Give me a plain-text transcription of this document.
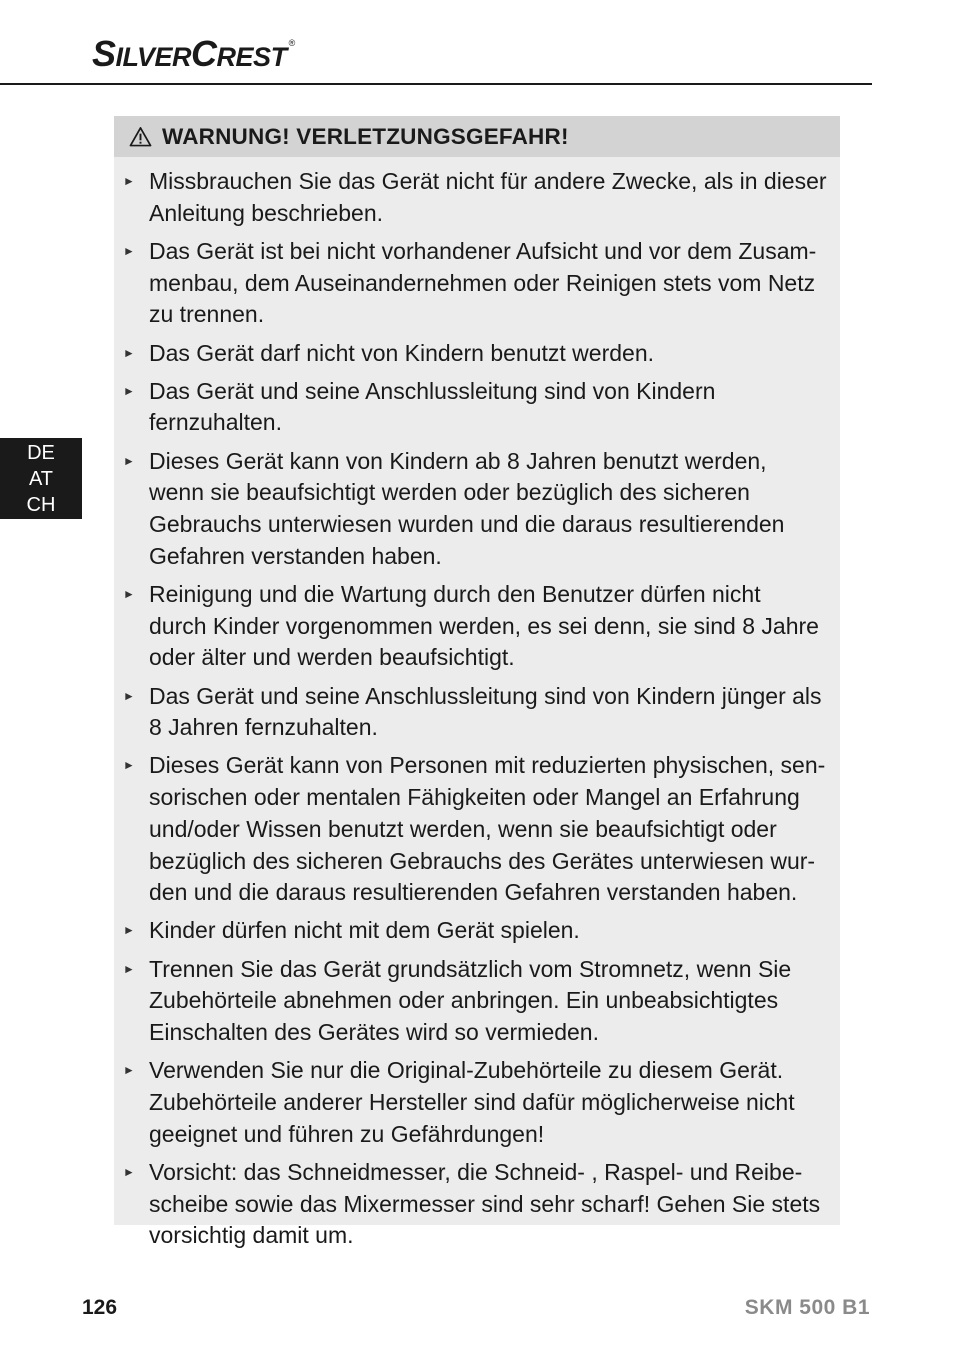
SILVERCREST ®
DE
AT
CH
WARNUNG! VERLETZUNGSGEFAHR!
► Missbrauchen Sie das Gerät nicht für andere Zwecke, als in dieser
Anleitung beschrieben.
► Das Gerät ist bei nicht vorhandener Aufsicht und vor dem Zusam-
menbau, dem Auseinandernehmen oder Reinigen stets vom Netz
zu trennen.
► Das Gerät darf nicht von Kindern benutzt werden.
► Das Gerät und seine Anschlussleitung sind von Kindern fernzuhalten.
► Dieses Gerät kann von Kindern ab 8 Jahren benutzt werden,
wenn sie beaufsichtigt werden oder bezüglich des sicheren
Gebrauchs unterwiesen wurden und die daraus resultierenden
Gefahren verstanden haben.
► Reinigung und die Wartung durch den Benutzer dürfen nicht
durch Kinder vorgenommen werden, es sei denn, sie sind 8 Jahre
oder älter und werden beaufsichtigt.
► Das Gerät und seine Anschlussleitung sind von Kindern jünger als
8 Jahren fernzuhalten.
► Dieses Gerät kann von Personen mit reduzierten physischen, sen-
sorischen oder mentalen Fähigkeiten oder Mangel an Erfahrung
und/oder Wissen benutzt werden, wenn sie beaufsichtigt oder
bezüglich des sicheren Gebrauchs des Gerätes unterwiesen wur-
den und die daraus resultierenden Gefahren verstanden haben.
► Kinder dürfen nicht mit dem Gerät spielen.
► Trennen Sie das Gerät grundsätzlich vom Stromnetz, wenn Sie
Zubehörteile abnehmen oder anbringen. Ein unbeabsichtigtes
Einschalten des Gerätes wird so vermieden.
► Verwenden Sie nur die Original-Zubehörteile zu diesem Gerät.
Zubehörteile anderer Hersteller sind dafür möglicherweise nicht
geeignet und führen zu Gefährdungen!
► Vorsicht: das Schneidmesser, die Schneid- , Raspel- und Reibe-
scheibe sowie das Mixermesser sind sehr scharf! Gehen Sie stets
vorsichtig damit um.
126	SKM 500 B1
